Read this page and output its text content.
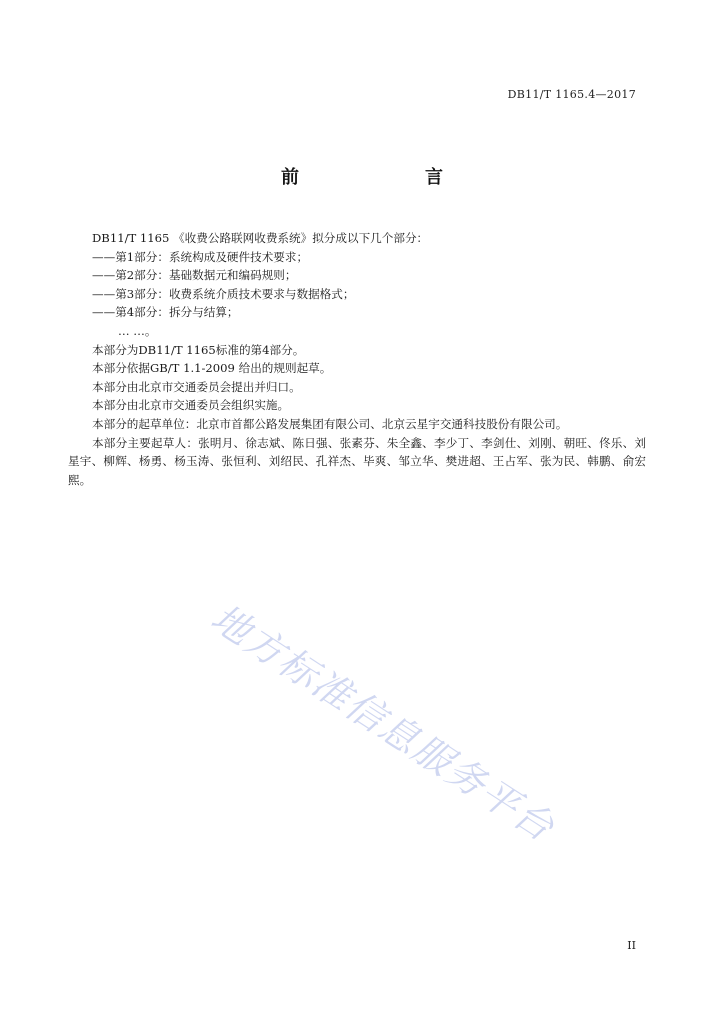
DB11/T 1165.4—2017
前　　言

DB11/T 1165 《收费公路联网收费系统》拟分成以下几个部分：

——第1部分：系统构成及硬件技术要求；

——第2部分：基础数据元和编码规则；

——第3部分：收费系统介质技术要求与数据格式；

——第4部分：拆分与结算；

… …。

本部分为DB11/T 1165标准的第4部分。

本部分依据GB/T 1.1-2009 给出的规则起草。

本部分由北京市交通委员会提出并归口。

本部分由北京市交通委员会组织实施。

本部分的起草单位：北京市首都公路发展集团有限公司、北京云星宇交通科技股份有限公司。

本部分主要起草人：张明月、徐志斌、陈日强、张素芬、朱全鑫、李少丁、李剑仕、刘刚、朝旺、佟乐、刘星宇、柳辉、杨勇、杨玉涛、张恒利、刘绍民、孔祥杰、毕爽、邹立华、樊进超、王占军、张为民、韩鹏、俞宏熙。

地方标准信息服务平台
II
